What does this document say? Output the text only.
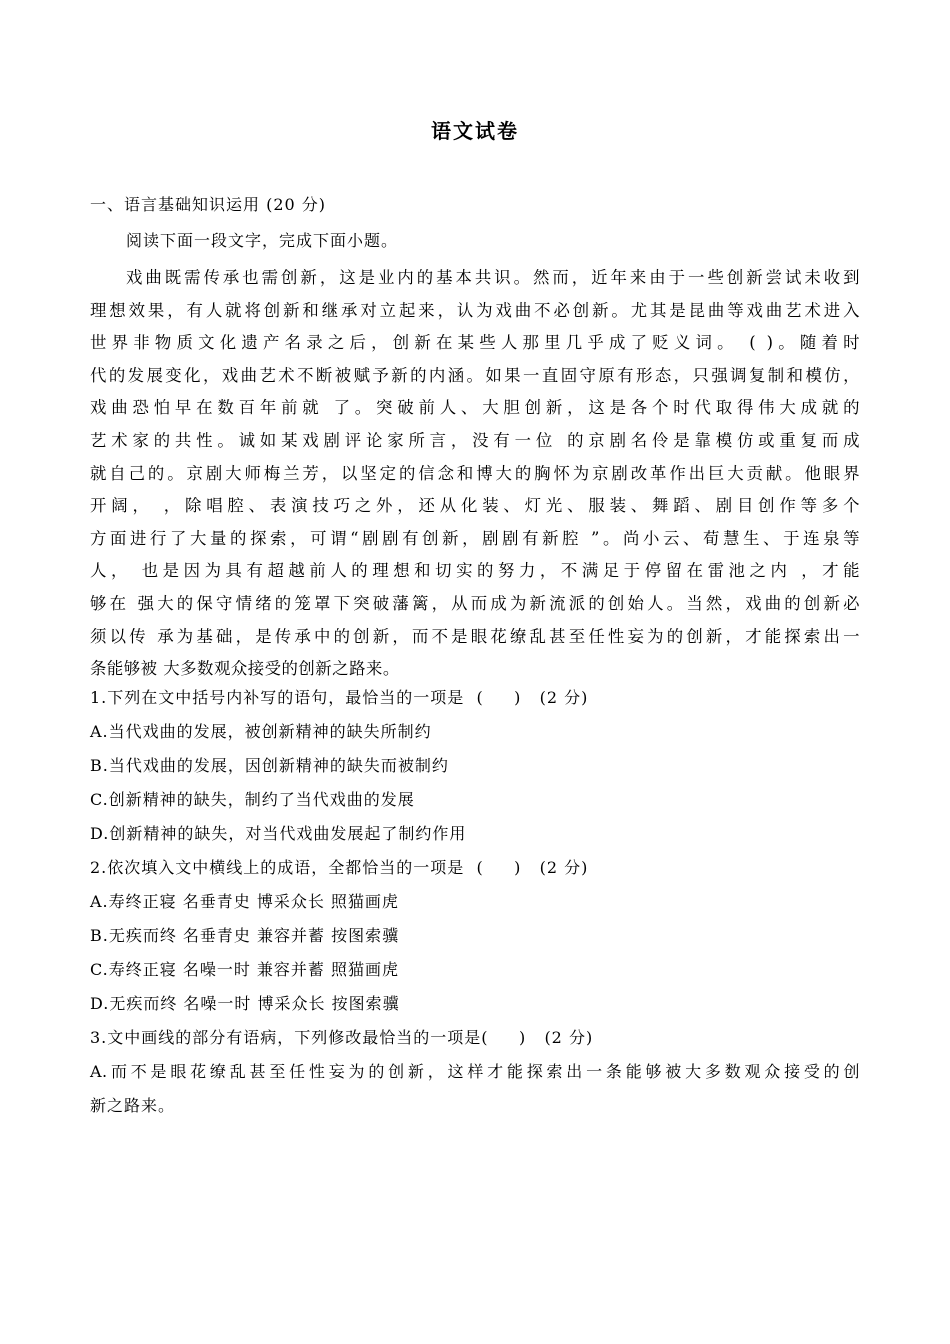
语文试卷
一、语言基础知识运用 (20 分)
阅读下面一段文字，完成下面小题。
戏曲既需传承也需创新，这是业内的基本共识。然而，近年来由于一些创新尝试未收到
理想效果，有人就将创新和继承对立起来，认为戏曲不必创新。尤其是昆曲等戏曲艺术进入
世界非物质文化遗产名录之后，创新在某些人那里几乎成了贬义词。 ( )。随着时
代的发展变化，戏曲艺术不断被赋予新的内涵。如果一直固守原有形态，只强调复制和模仿，
戏曲恐怕早在数百年前就 了。突破前人、大胆创新，这是各个时代取得伟大成就的
艺术家的共性。诚如某戏剧评论家所言，没有一位 的京剧名伶是靠模仿或重复而成
就自己的。京剧大师梅兰芳，以坚定的信念和博大的胸怀为京剧改革作出巨大贡献。他眼界
开阔， ，除唱腔、表演技巧之外，还从化装、灯光、服装、舞蹈、剧目创作等多个
方面进行了大量的探索，可谓“剧剧有创新，剧剧有新腔 ”。尚小云、荀慧生、于连泉等
人， 也是因为具有超越前人的理想和切实的努力，不满足于停留在雷池之内 ，才能
够在 强大的保守情绪的笼罩下突破藩篱，从而成为新流派的创始人。当然，戏曲的创新必
须以传 承为基础，是传承中的创新，而不是眼花缭乱甚至任性妄为的创新，才能探索出一
条能够被 大多数观众接受的创新之路来。
1.下列在文中括号内补写的语句，最恰当的一项是  (     )   (2 分)
A.当代戏曲的发展，被创新精神的缺失所制约
B.当代戏曲的发展，因创新精神的缺失而被制约
C.创新精神的缺失，制约了当代戏曲的发展
D.创新精神的缺失，对当代戏曲发展起了制约作用
2.依次填入文中横线上的成语，全都恰当的一项是  (     )   (2 分)
A.寿终正寝 名垂青史 博采众长 照猫画虎
B.无疾而终 名垂青史 兼容并蓄 按图索骥
C.寿终正寝 名噪一时 兼容并蓄 照猫画虎
D.无疾而终 名噪一时 博采众长 按图索骥
3.文中画线的部分有语病，下列修改最恰当的一项是(     )   (2 分)
A.而不是眼花缭乱甚至任性妄为的创新，这样才能探索出一条能够被大多数观众接受的创
新之路来。
